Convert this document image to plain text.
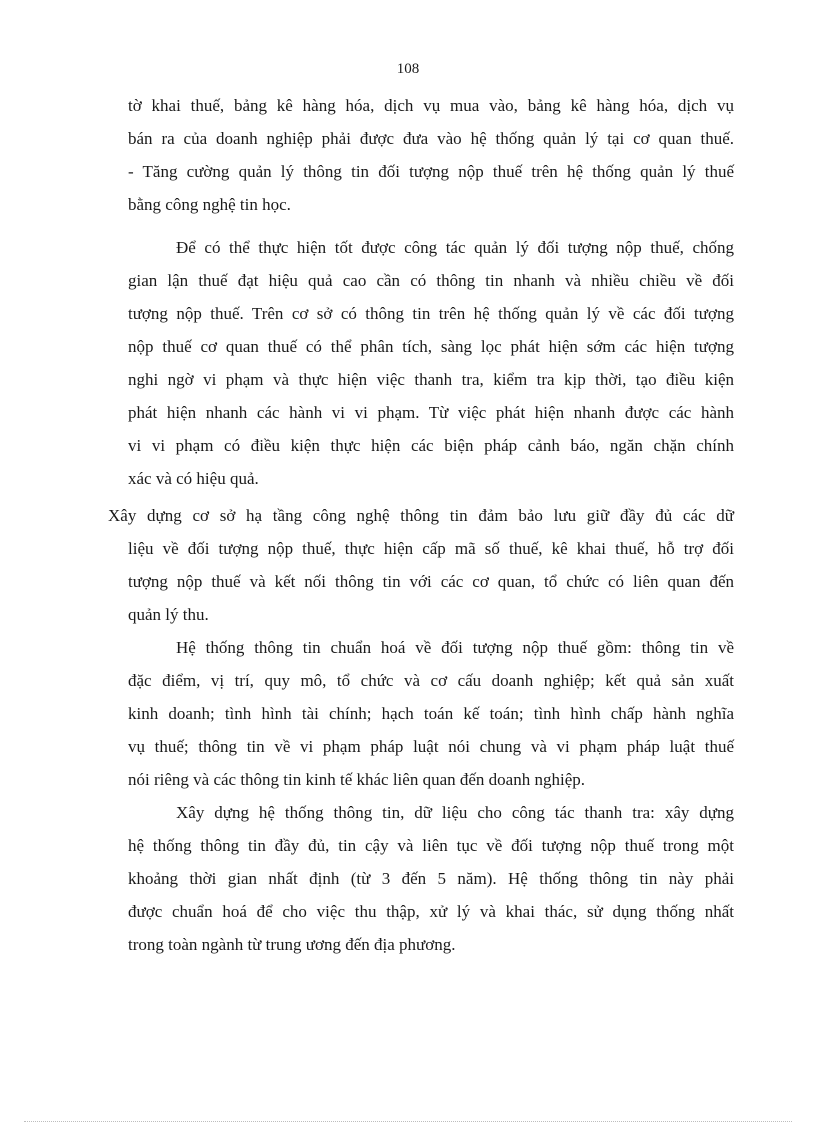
108
tờ khai thuế, bảng kê hàng hóa, dịch vụ mua vào, bảng kê hàng hóa, dịch vụ
bán ra của doanh nghiệp phải được đưa vào hệ thống quản lý tại cơ quan thuế.
- Tăng cường quản lý thông tin đối tượng nộp thuế trên hệ thống quản lý thuế
bằng công nghệ tin học.
Để có thể thực hiện tốt được công tác quản lý đối tượng nộp thuế, chống
gian lận thuế đạt hiệu quả cao cần có thông tin nhanh và nhiều chiều về đối
tượng nộp thuế. Trên cơ sở có thông tin trên hệ thống quản lý về các đối tượng
nộp thuế cơ quan thuế có thể phân tích, sàng lọc phát hiện sớm các hiện tượng
nghi ngờ vi phạm và thực hiện việc thanh tra, kiểm tra kịp thời, tạo điều kiện
phát hiện nhanh các hành vi vi phạm. Từ việc phát hiện nhanh được các hành
vi vi phạm có điều kiện thực hiện các biện pháp cảnh báo, ngăn chặn chính
xác và có hiệu quả.
Xây dựng cơ sở hạ tầng công nghệ thông tin đảm bảo lưu giữ đầy đủ các dữ
liệu về đối tượng nộp thuế, thực hiện cấp mã số thuế, kê khai thuế, hỗ trợ đối
tượng nộp thuế và kết nối thông tin với các cơ quan, tổ chức có liên quan đến
quản lý thu.
Hệ thống thông tin chuẩn hoá về đối tượng nộp thuế gồm: thông tin về
đặc điểm, vị trí, quy mô, tổ chức và cơ cấu doanh nghiệp; kết quả sản xuất
kinh doanh; tình hình tài chính; hạch toán kế toán; tình hình chấp hành nghĩa
vụ thuế; thông tin về vi phạm pháp luật nói chung và vi phạm pháp luật thuế
nói riêng và các thông tin kinh tế khác liên quan đến doanh nghiệp.
Xây dựng hệ thống thông tin, dữ liệu cho công tác thanh tra: xây dựng
hệ thống thông tin đầy đủ, tin cậy và liên tục về đối tượng nộp thuế trong một
khoảng thời gian nhất định (từ 3 đến 5 năm). Hệ thống thông tin này phải
được chuẩn hoá để cho việc thu thập, xử lý và khai thác, sử dụng thống nhất
trong toàn ngành từ trung ương đến địa phương.
